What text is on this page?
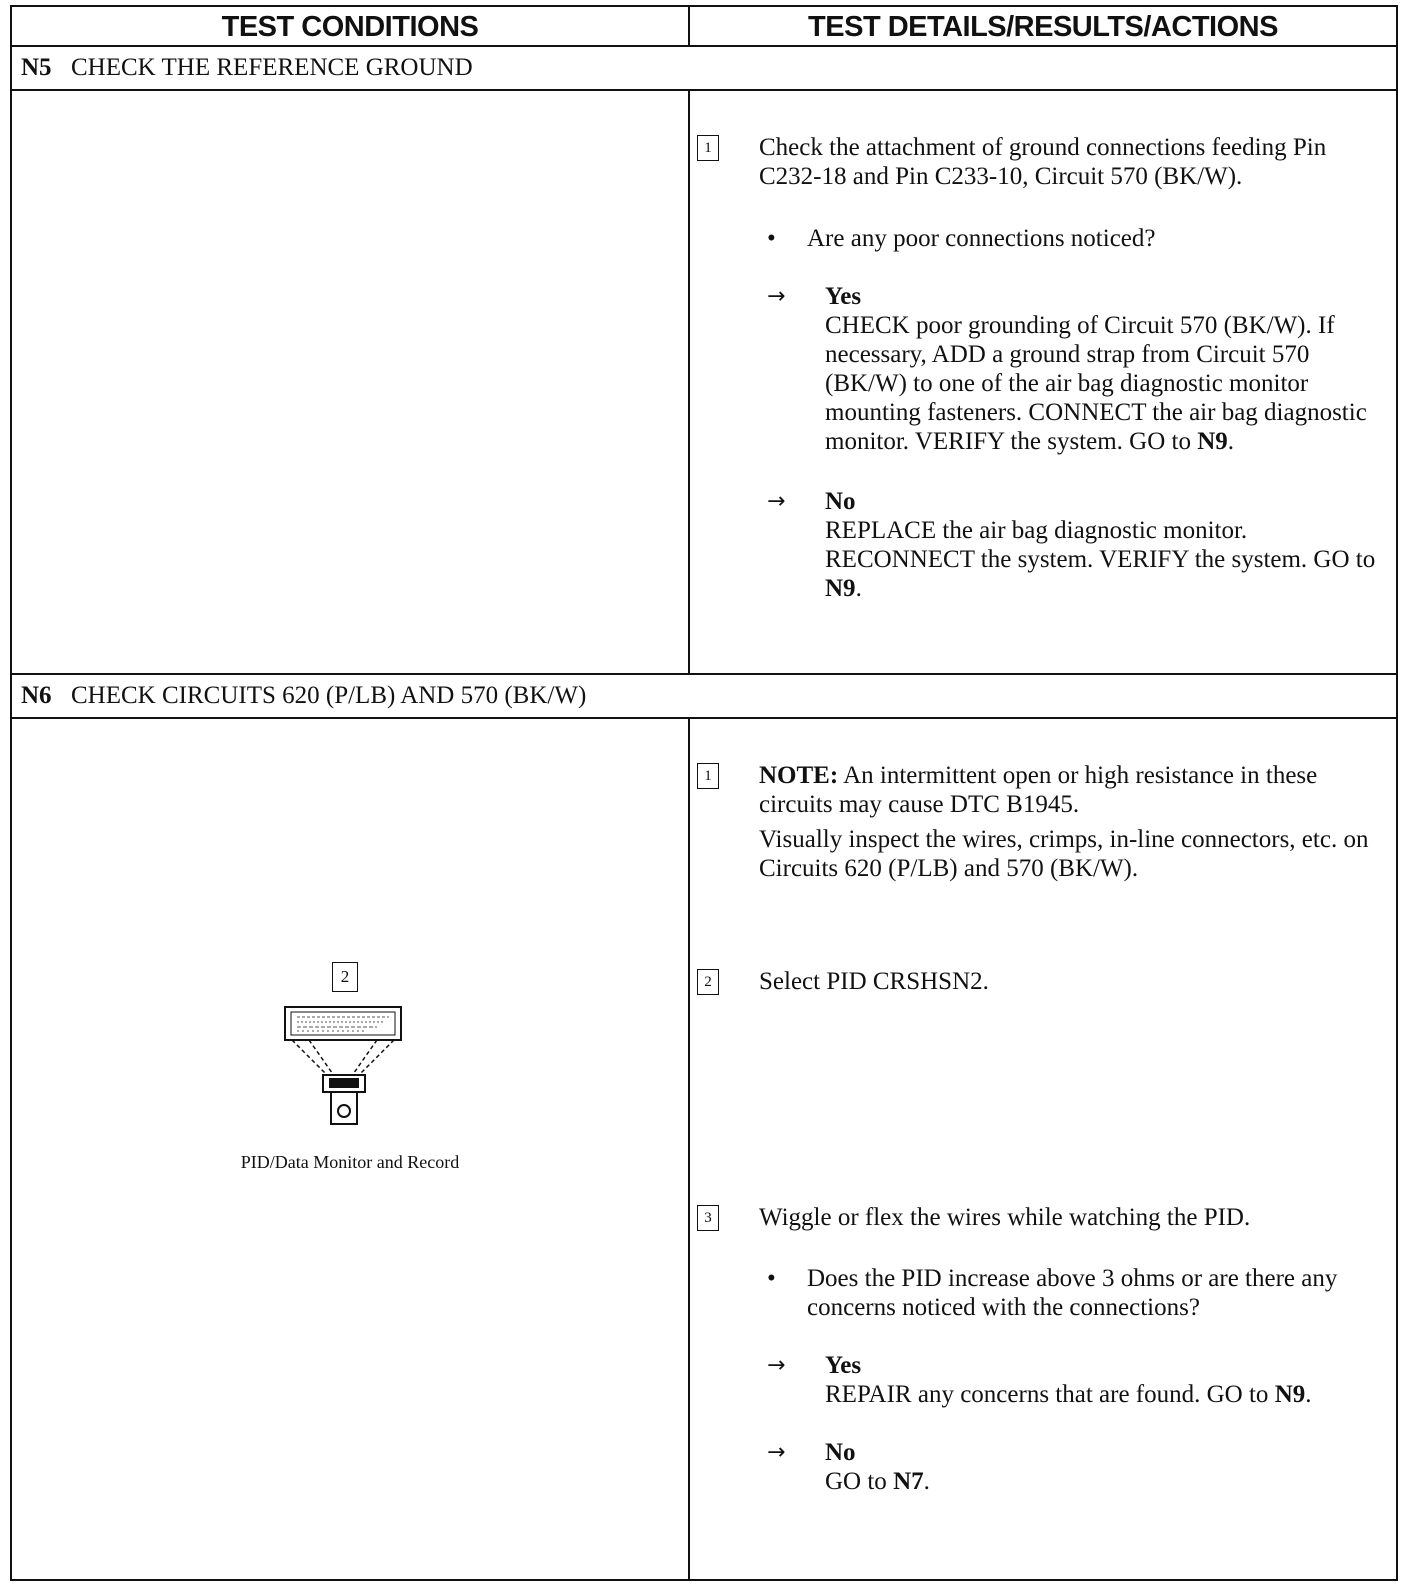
TEST CONDITIONS	TEST DETAILS/RESULTS/ACTIONS
N5 CHECK THE REFERENCE GROUND
1 Check the attachment of ground connections feeding Pin C232-18 and Pin C233-10, Circuit 570 (BK/W).

• Are any poor connections noticed?
→ Yes
CHECK poor grounding of Circuit 570 (BK/W). If necessary, ADD a ground strap from Circuit 570 (BK/W) to one of the air bag diagnostic monitor mounting fasteners. CONNECT the air bag diagnostic monitor. VERIFY the system. GO to N9.
→ No
REPLACE the air bag diagnostic monitor. RECONNECT the system. VERIFY the system. GO to N9.
N6 CHECK CIRCUITS 620 (P/LB) AND 570 (BK/W)
2
PID/Data Monitor and Record
1 NOTE: An intermittent open or high resistance in these circuits may cause DTC B1945.

Visually inspect the wires, crimps, in-line connectors, etc. on Circuits 620 (P/LB) and 570 (BK/W).

2 Select PID CRSHSN2.

3 Wiggle or flex the wires while watching the PID.

• Does the PID increase above 3 ohms or are there any concerns noticed with the connections?
→ Yes
REPAIR any concerns that are found. GO to N9.
→ No
GO to N7.
